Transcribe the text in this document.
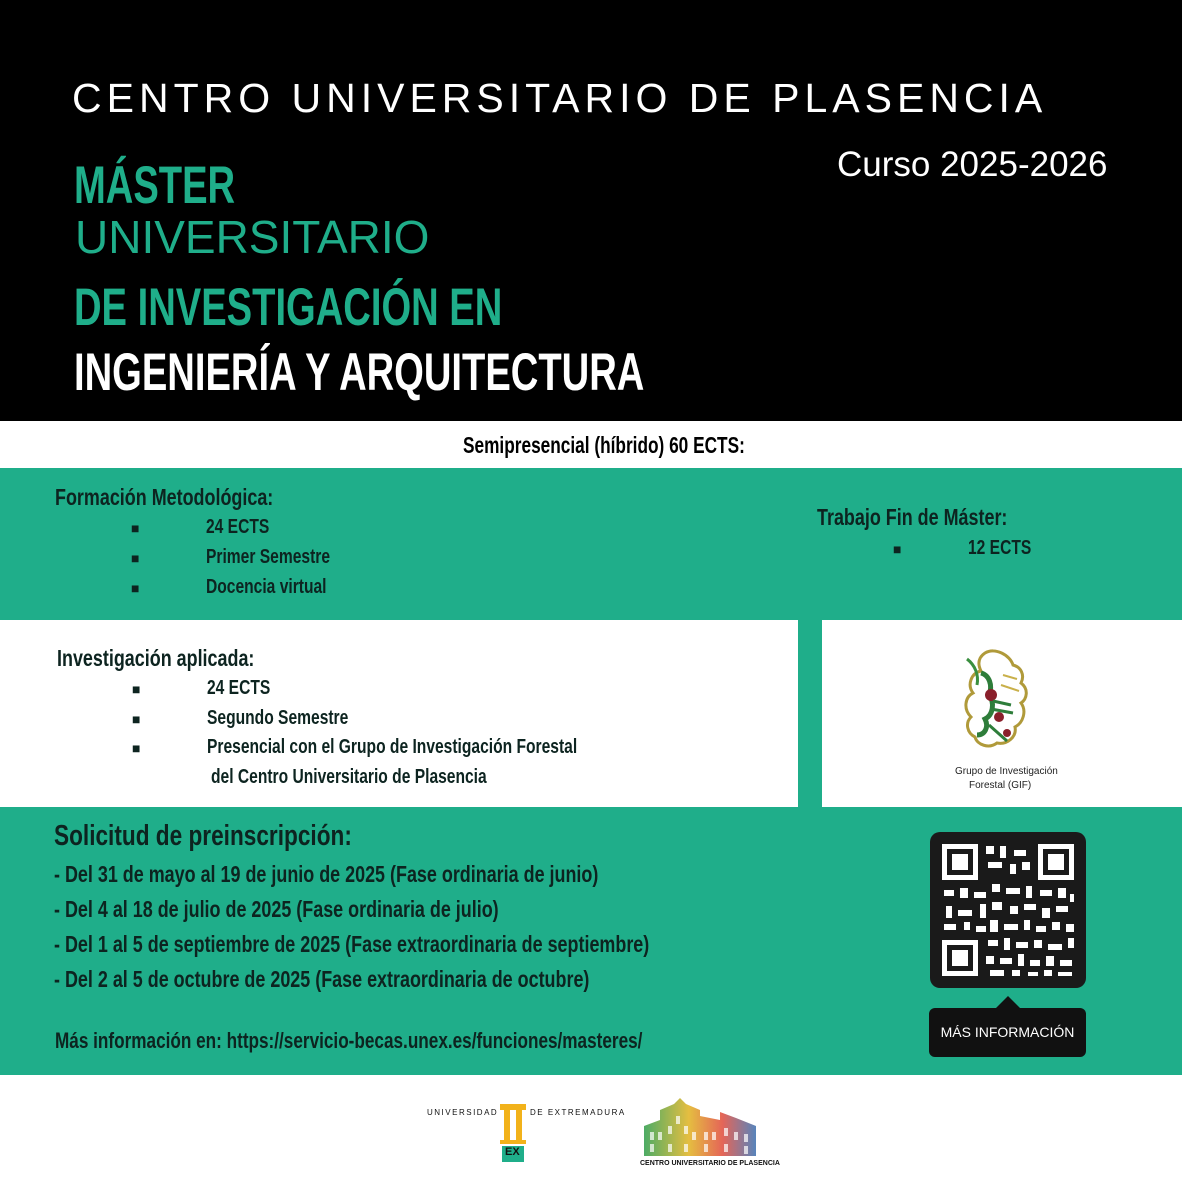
CENTRO UNIVERSITARIO DE PLASENCIA
Curso 2025-2026
MÁSTER
UNIVERSITARIO
DE INVESTIGACIÓN EN
INGENIERÍA Y ARQUITECTURA
Semipresencial (híbrido) 60 ECTS:
Formación Metodológica:
■	24 ECTS
■	Primer Semestre
■	Docencia virtual
Trabajo Fin de Máster:
■	12 ECTS
Investigación aplicada:
■	24 ECTS
■	Segundo Semestre
■	Presencial con el Grupo de Investigación Forestal
del Centro Universitario de Plasencia	Grupo de Investigación
Forestal (GIF)
Solicitud de preinscripción:
- Del 31 de mayo al 19 de junio de 2025 (Fase ordinaria de junio)
- Del 4 al 18 de julio de 2025 (Fase ordinaria de julio)
- Del 1 al 5 de septiembre de 2025 (Fase extraordinaria de septiembre)
- Del 2 al 5 de octubre de 2025 (Fase extraordinaria de octubre)
Más información en: https://servicio-becas.unex.es/funciones/masteres/	MÁS INFORMACIÓN
UNIVERSIDAD
EX
DE EXTREMADURA
CENTRO UNIVERSITARIO DE PLASENCIA
